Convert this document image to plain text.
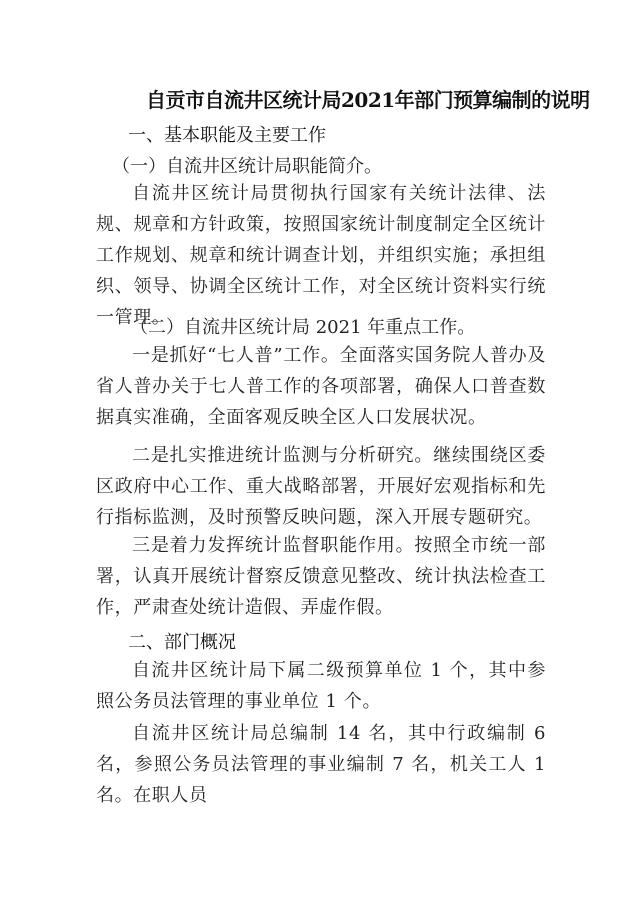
自贡市自流井区统计局2021年部门预算编制的说明
一、基本职能及主要工作
（一）自流井区统计局职能简介。
自流井区统计局贯彻执行国家有关统计法律、法规、规章和方针政策，按照国家统计制度制定全区统计工作规划、规章和统计调查计划，并组织实施；承担组织、领导、协调全区统计工作，对全区统计资料实行统一管理。
（二）自流井区统计局 2021 年重点工作。
一是抓好“七人普”工作。全面落实国务院人普办及省人普办关于七人普工作的各项部署，确保人口普查数据真实准确，全面客观反映全区人口发展状况。
二是扎实推进统计监测与分析研究。继续围绕区委区政府中心工作、重大战略部署，开展好宏观指标和先行指标监测，及时预警反映问题，深入开展专题研究。
三是着力发挥统计监督职能作用。按照全市统一部署，认真开展统计督察反馈意见整改、统计执法检查工作，严肃查处统计造假、弄虚作假。
二、部门概况
自流井区统计局下属二级预算单位 1 个，其中参照公务员法管理的事业单位 1 个。
自流井区统计局总编制 14 名，其中行政编制 6 名，参照公务员法管理的事业编制 7 名，机关工人 1 名。在职人员
